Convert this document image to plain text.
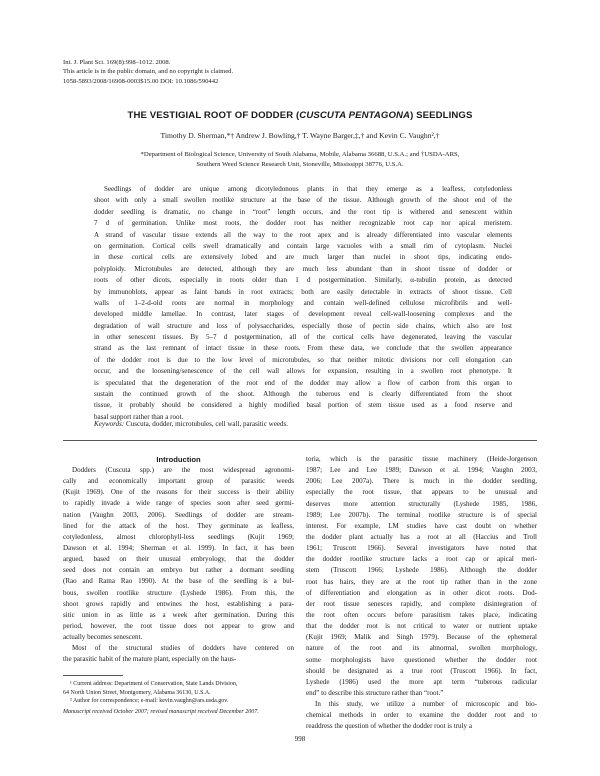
Int. J. Plant Sci. 169(8):998–1012. 2008.
This article is in the public domain, and no copyright is claimed.
1058-5893/2008/16908-0003$15.00 DOI: 10.1086/590442
THE VESTIGIAL ROOT OF DODDER (CUSCUTA PENTAGONA) SEEDLINGS
Timothy D. Sherman,*† Andrew J. Bowling,† T. Wayne Barger,‡,† and Kevin C. Vaughn²,†
*Department of Biological Science, University of South Alabama, Mobile, Alabama 36688, U.S.A.; and †USDA-ARS,
Southern Weed Science Research Unit, Stoneville, Mississippi 38776, U.S.A.
Seedlings of dodder are unique among dicotyledonous plants in that they emerge as a leafless, cotyledonless
shoot with only a small swollen rootlike structure at the base of the tissue. Although growth of the shoot end of the
dodder seedling is dramatic, no change in “root” length occurs, and the root tip is withered and senescent within
7 d of germination. Unlike most roots, the dodder root has neither recognizable root cap nor apical meristem.
A strand of vascular tissue extends all the way to the root apex and is already differentiated into vascular elements
on germination. Cortical cells swell dramatically and contain large vacuoles with a small rim of cytoplasm. Nuclei
in these cortical cells are extensively lobed and are much larger than nuclei in shoot tips, indicating endo-
polyploidy. Microtubules are detected, although they are much less abundant than in shoot tissue of dodder or
roots of other dicots, especially in roots older than 1 d postgermination. Similarly, α-tubulin protein, as detected
by immunoblots, appear as faint bands in root extracts; both are easily detectable in extracts of shoot tissue. Cell
walls of 1–2-d-old roots are normal in morphology and contain well-defined cellulose microfibrils and well-
developed middle lamellae. In contrast, later stages of development reveal cell-wall-loosening complexes and the
degradation of wall structure and loss of polysaccharides, especially those of pectin side chains, which also are lost
in other senescent tissues. By 5–7 d postgermination, all of the cortical cells have degenerated, leaving the vascular
strand as the last remnant of intact tissue in these roots. From these data, we conclude that the swollen appearance
of the dodder root is due to the low level of microtubules, so that neither mitotic divisions nor cell elongation can
occur, and the loosening/senescence of the cell wall allows for expansion, resulting in a swollen root phenotype. It
is speculated that the degeneration of the root end of the dodder may allow a flow of carbon from this organ to
sustain the continued growth of the shoot. Although the tuberous end is clearly differentiated from the shoot
tissue, it probably should be considered a highly modified basal portion of stem tissue used as a food reserve and
basal support rather than a root.
Keywords: Cuscuta, dodder, microtubules, cell wall, parasitic weeds.
Introduction
Dodders (Cuscuta spp.) are the most widespread agronomi-
cally and economically important group of parasitic weeds
(Kujit 1969). One of the reasons for their success is their ability
to rapidly invade a wide range of species soon after seed germi-
nation (Vaughn 2003, 2006). Seedlings of dodder are stream-
lined for the attack of the host. They germinate as leafless,
cotyledonless, almost chlorophyll-less seedlings (Kujit 1969;
Dawson et al. 1994; Sherman et al. 1999). In fact, it has been
argued, based on their unusual embryology, that the dodder
seed does not contain an embryo but rather a dormant seedling
(Rao and Rama Rao 1990). At the base of the seedling is a bul-
bous, swollen rootlike structure (Lyshede 1986). From this, the
shoot grows rapidly and entwines the host, establishing a para-
sitic union in as little as a week after germination. During this
period, however, the root tissue does not appear to grow and
actually becomes senescent.
Most of the structural studies of dodders have centered on
the parasitic habit of the mature plant, especially on the haus-
toria, which is the parasitic tissue machinery (Heide-Jorgenson
1987; Lee and Lee 1989; Dawson et al. 1994; Vaughn 2003,
2006; Lee 2007a). There is much in the dodder seedling,
especially the root tissue, that appears to be unusual and
deserves more attention structurally (Lyshede 1985, 1986,
1989; Lee 2007b). The terminal rootlike structure is of special
interest. For example, LM studies have cast doubt on whether
the dodder plant actually has a root at all (Haccius and Troll
1961; Truscott 1966). Several investigators have noted that
the dodder rootlike structure lacks a root cap or apical meri-
stem (Truscott 1966; Lyshede 1986). Although the dodder
root has hairs, they are at the root tip rather than in the zone
of differentiation and elongation as in other dicot roots. Dod-
der root tissue senesces rapidly, and complete disintegration of
the root often occurs before parasitism takes place, indicating
that the dodder root is not critical to water or nutrient uptake
(Kujit 1969; Malik and Singh 1979). Because of the ephemeral
nature of the root and its abnormal, swollen morphology,
some morphologists have questioned whether the dodder root
should be designated as a true root (Truscott 1966). In fact,
Lyshede (1986) used the more apt term “tuberous radicular
end” to describe this structure rather than “root.”
In this study, we utilize a number of microscopic and bio-
chemical methods in order to examine the dodder root and to
readdress the question of whether the dodder root is truly a
¹ Current address: Department of Conservation, State Lands Division,
64 North Union Street, Montgomery, Alabama 36130, U.S.A.
² Author for correspondence; e-mail: kevin.vaughn@ars.usda.gov.
Manuscript received October 2007; revised manuscript received December 2007.
998
